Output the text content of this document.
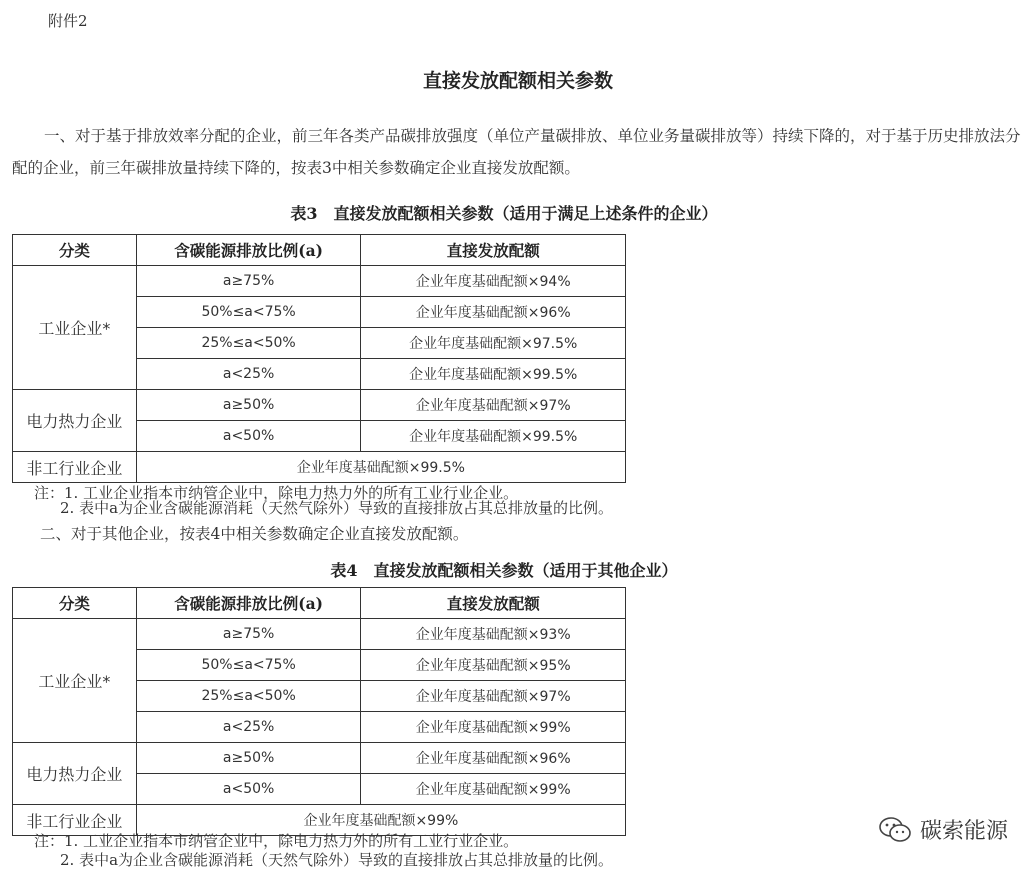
附件2
直接发放配额相关参数
一、对于基于排放效率分配的企业，前三年各类产品碳排放强度（单位产量碳排放、单位业务量碳排放等）持续下降的，对于基于历史排放法分配的企业，前三年碳排放量持续下降的，按表3中相关参数确定企业直接发放配额。
表3　直接发放配额相关参数（适用于满足上述条件的企业）
分类	含碳能源排放比例(a)	直接发放配额
工业企业*	a≥75%	企业年度基础配额×94%
	50%≤a<75%	企业年度基础配额×96%
	25%≤a<50%	企业年度基础配额×97.5%
	a<25%	企业年度基础配额×99.5%
电力热力企业	a≥50%	企业年度基础配额×97%
	a<50%	企业年度基础配额×99.5%
非工行业企业	企业年度基础配额×99.5%	
注：1. 工业企业指本市纳管企业中，除电力热力外的所有工业行业企业。
2. 表中a为企业含碳能源消耗（天然气除外）导致的直接排放占其总排放量的比例。
二、对于其他企业，按表4中相关参数确定企业直接发放配额。
表4　直接发放配额相关参数（适用于其他企业）
分类	含碳能源排放比例(a)	直接发放配额
工业企业*	a≥75%	企业年度基础配额×93%
	50%≤a<75%	企业年度基础配额×95%
	25%≤a<50%	企业年度基础配额×97%
	a<25%	企业年度基础配额×99%
电力热力企业	a≥50%	企业年度基础配额×96%
	a<50%	企业年度基础配额×99%
非工行业企业	企业年度基础配额×99%	
注：1. 工业企业指本市纳管企业中，除电力热力外的所有工业行业企业。
2. 表中a为企业含碳能源消耗（天然气除外）导致的直接排放占其总排放量的比例。
碳索能源
